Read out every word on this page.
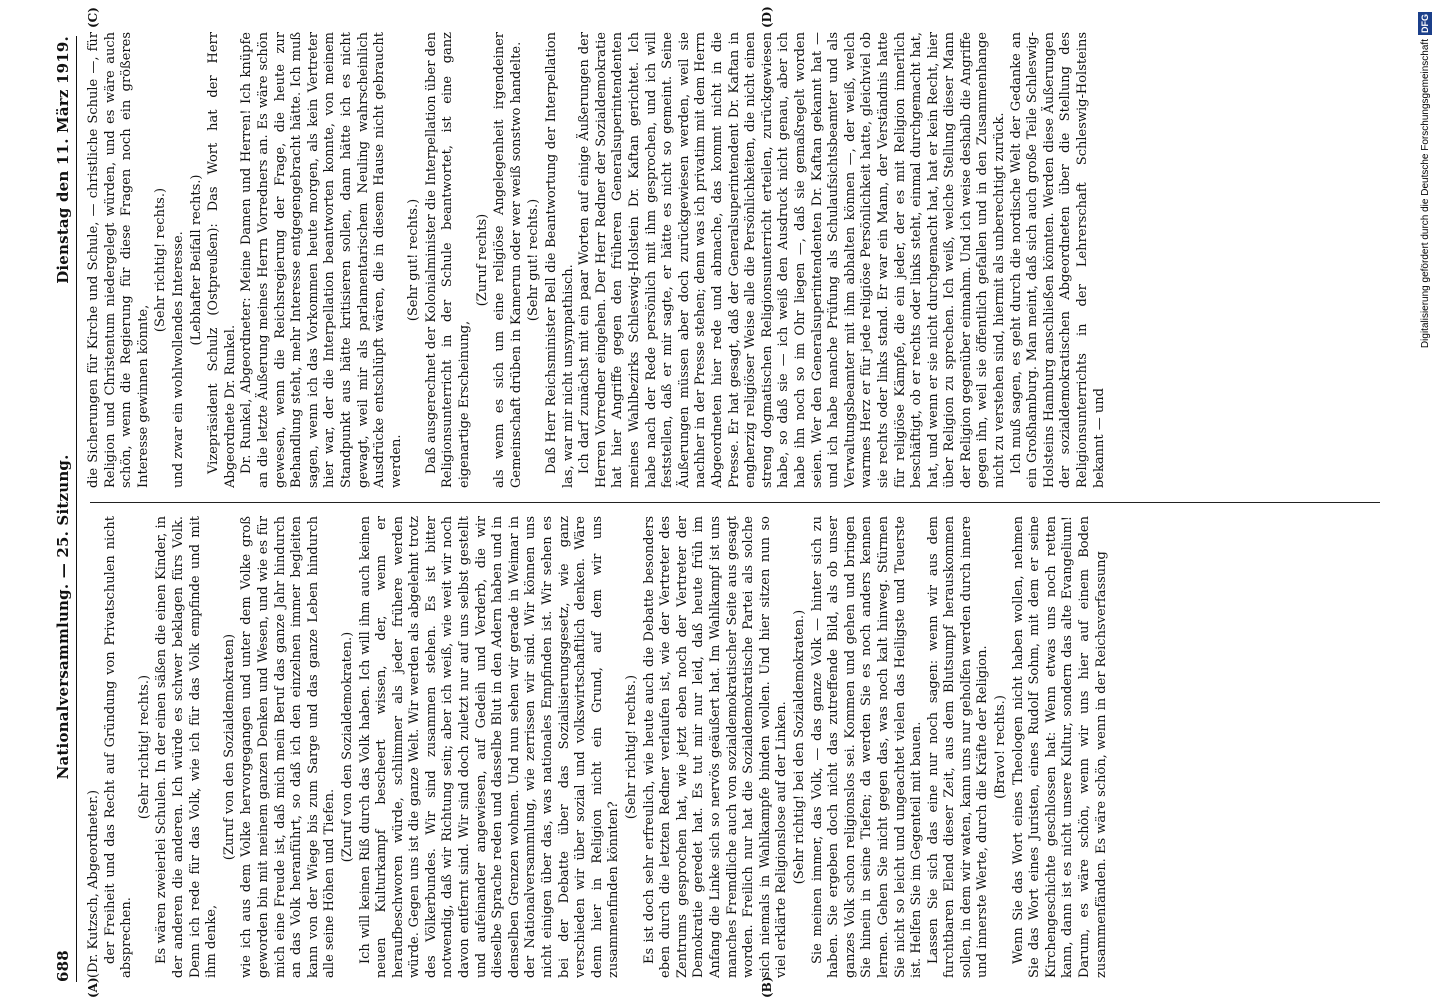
688
Nationalversammlung. — 25. Sitzung.
Dienstag den 11. März 1919.
(A)	(B)
(C)	(D)

(Dr. Kutzsch, Abgeordneter.) der Freiheit und das Recht auf Gründung von Privatschulen nicht absprechen.

(Sehr richtig! rechts.) Es wären zweierlei Schulen. In der einen säßen die einen Kinder, in der anderen die anderen. Ich würde es schwer beklagen fürs Volk. Denn ich rede für das Volk, wie ich für das Volk empfinde und mit ihm denke,

(Zuruf von den Sozialdemokraten) wie ich aus dem Volke hervorgegangen und unter dem Volke groß geworden bin mit meinem ganzen Denken und Wesen, und wie es für mich eine Freude ist, daß mich mein Beruf das ganze Jahr hindurch an das Volk heranführt, so daß ich den einzelnen immer begleiten kann von der Wiege bis zum Sarge und das ganze Leben hindurch alle seine Höhen und Tiefen.

(Zuruf von den Sozialdemokraten.) Ich will keinen Riß durch das Volk haben. Ich will ihm auch keinen neuen Kulturkampf bescheert wissen, der, wenn er heraufbeschworen würde, schlimmer als jeder frühere werden würde. Gegen uns ist die ganze Welt. Wir werden als abgelehnt trotz des Völkerbundes. Wir sind zusammen stehen. Es ist bitter notwendig, daß wir Richtung sein; aber ich weiß, wie weit wir noch davon entfernt sind. Wir sind doch zuletzt nur auf uns selbst gestellt und aufeinander angewiesen, auf Gedeih und Verderb, die wir dieselbe Sprache reden und dasselbe Blut in den Adern haben und in denselben Grenzen wohnen. Und nun sehen wir gerade in Weimar in der Nationalversammlung, wie zerrissen wir sind. Wir können uns nicht einigen über das, was nationales Empfinden ist. Wir sehen es bei der Debatte über das Sozialisierungsgesetz, wie ganz verschieden wir über sozial und volkswirtschaftlich denken. Wäre denn hier in Religion nicht ein Grund, auf dem wir uns zusammenfinden könnten?

(Sehr richtig! rechts.) Es ist doch sehr erfreulich, wie heute auch die Debatte besonders eben durch die letzten Redner verlaufen ist, wie der Vertreter des Zentrums gesprochen hat, wie jetzt eben noch der Vertreter der Demokratie geredet hat. Es tut mir nur leid, daß heute früh im Anfang die Linke sich so nervös geäußert hat. Im Wahlkampf ist uns manches Fremdliche auch von sozialdemokratischer Seite aus gesagt worden. Freilich nur hat die Sozialdemokratische Partei als solche sich niemals in Wahlkampfe binden wollen. Und hier sitzen nun so viel erklärte Religionslose auf der Linken. (Sehr richtig! bei den Sozialdemokraten.) Sie meinen immer, das Volk, — das ganze Volk — hinter sich zu haben. Sie ergeben doch nicht das zutreffende Bild, als ob unser ganzes Volk schon religionslos sei. Kommen und gehen und bringen Sie hinein in seine Tiefen; da werden Sie es noch anders kennen lernen. Gehen Sie nicht gegen das, was noch kalt hinweg. Stürmen Sie nicht so leicht und ungeachtet vielen das Heiligste und Teuerste ist. Helfen Sie im Gegenteil mit bauen. Lassen Sie sich das eine nur noch sagen: wenn wir aus dem furchtbaren Elend dieser Zeit, aus dem Blutsumpf herauskommen sollen, in dem wir waten, kann uns nur geholfen werden durch innere und innerste Werte, durch die Kräfte der Religion. (Bravo! rechts.) Wenn Sie das Wort eines Theologen nicht haben wollen, nehmen Sie das Wort eines Juristen, eines Rudolf Sohm, mit dem er seine Kirchengeschichte geschlossen hat: Wenn etwas uns noch retten kann, dann ist es nicht unsere Kultur, sondern das alte Evangelium! Darum, es wäre schön, wenn wir uns hier auf einem Boden zusammenfänden. Es wäre schön, wenn in der Reichsverfassung

die Sicherungen für Kirche und Schule, — christliche Schule —, für Religion und Christentum niedergelegt würden, und es wäre auch schön, wenn die Regierung für diese Fragen noch ein größeres Interesse gewinnen könnte,

(Sehr richtig! rechts.) und zwar ein wohlwollendes Interesse. (Lebhafter Beifall rechts.) Vizepräsident Schulz (Ostpreußen): Das Wort hat der Herr Abgeordnete Dr. Runkel. Dr. Runkel, Abgeordneter: Meine Damen und Herren! Ich knüpfe an die letzte Äußerung meines Herrn Vorredners an. Es wäre schön gewesen, wenn die Reichsregierung der Frage, die heute zur Behandlung steht, mehr Interesse entgegengebracht hätte. Ich muß sagen, wenn ich das Vorkommen heute morgen, als kein Vertreter hier war, der die Interpellation beantworten konnte, von meinem Standpunkt aus hätte kritisieren sollen, dann hätte ich es nicht gewagt, weil mir als parlamentarischem Neuling wahrscheinlich Ausdrücke entschlüpft wären, die in diesem Hause nicht gebraucht werden.

(Sehr gut! rechts.) Daß ausgerechnet der Kolonialminister die Interpellation über den Religionsunterricht in der Schule beantwortet, ist eine ganz eigenartige Erscheinung,

(Zuruf rechts) als wenn es sich um eine religiöse Angelegenheit irgendeiner Gemeinschaft drüben in Kamerun oder wer weiß sonstwo handelte. (Sehr gut! rechts.) Daß Herr Reichsminister Bell die Beantwortung der Interpellation las, war mir nicht unsympathisch. Ich darf zunächst mit ein paar Worten auf einige Äußerungen der Herren Vorredner eingehen. Der Herr Redner der Sozialdemokratie hat hier Angriffe gegen den früheren Generalsuperintendenten meines Wahlbezirks Schleswig-Holstein Dr. Kaftan gerichtet. Ich habe nach der Rede persönlich mit ihm gesprochen, und ich will feststellen, daß er mir sagte, er hätte es nicht so gemeint. Seine Äußerungen müssen aber doch zurückgewiesen werden, weil sie nachher in der Presse stehen; denn was ich privatim mit dem Herrn Abgeordneten hier rede und abmache, das kommt nicht in die Presse. Er hat gesagt, daß der Generalsuperintendent Dr. Kaftan in engherzig religiöser Weise alle die Persönlichkeiten, die nicht einen streng dogmatischen Religionsunterricht erteilen, zurückgewiesen habe, so daß sie — ich weiß den Ausdruck nicht genau, aber ich habe ihn noch so im Ohr liegen —, daß sie gemaßregelt worden seien. Wer den Generalsuperintendenten Dr. Kaftan gekannt hat — und ich habe manche Prüfung als Schulaufsichtsbeamter und als Verwaltungsbeamter mit ihm abhalten können —, der weiß, welch warmes Herz er für jede religiöse Persönlichkeit hatte, gleichviel ob sie rechts oder links stand. Er war ein Mann, der Verständnis hatte für religiöse Kämpfe, die ein jeder, der es mit Religion innerlich beschäftigt, ob er rechts oder links steht, einmal durchgemacht hat, hat, und wenn er sie nicht durchgemacht hat, hat er kein Recht, hier über Religion zu sprechen. Ich weiß, welche Stellung dieser Mann der Religion gegenüber einnahm. Und ich weise deshalb die Angriffe gegen ihn, weil sie öffentlich gefallen und in den Zusammenhange nicht zu verstehen sind, hiermit als unberechtigt zurück. Ich muß sagen, es geht durch die nordische Welt der Gedanke an ein Großhamburg. Man meint, daß sich auch große Teile Schleswig-Holsteins Hamburg anschließen könnten. Werden diese Äußerungen der sozialdemokratischen Abgeordneten über die Stellung des Religionsunterrichts in der Lehrerschaft Schleswig-Holsteins bekannt — und

Digitalisierung gefördert durch die Deutsche ForschungsgemeinschaftDFG
